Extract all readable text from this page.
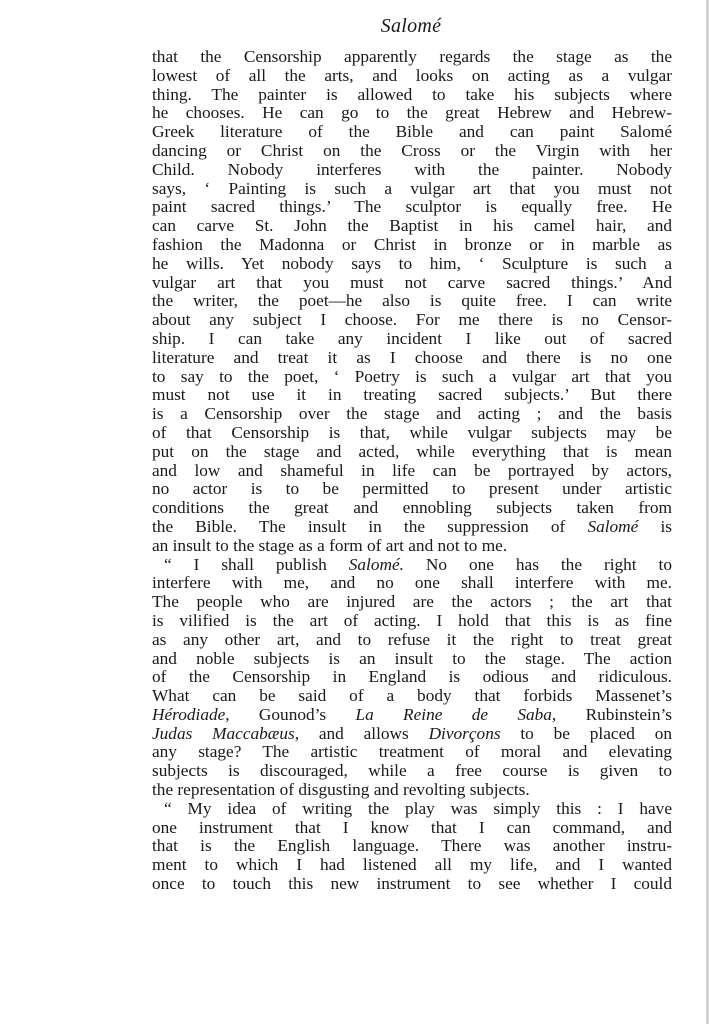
Salomé
that the Censorship apparently regards the stage as the
lowest of all the arts, and looks on acting as a vulgar
thing. The painter is allowed to take his subjects where
he chooses. He can go to the great Hebrew and Hebrew-
Greek literature of the Bible and can paint Salomé
dancing or Christ on the Cross or the Virgin with her
Child. Nobody interferes with the painter. Nobody
says, ‘ Painting is such a vulgar art that you must not
paint sacred things.’ The sculptor is equally free. He
can carve St. John the Baptist in his camel hair, and
fashion the Madonna or Christ in bronze or in marble as
he wills. Yet nobody says to him, ‘ Sculpture is such a
vulgar art that you must not carve sacred things.’ And
the writer, the poet—he also is quite free. I can write
about any subject I choose. For me there is no Censor-
ship. I can take any incident I like out of sacred
literature and treat it as I choose and there is no one
to say to the poet, ‘ Poetry is such a vulgar art that you
must not use it in treating sacred subjects.’ But there
is a Censorship over the stage and acting ; and the basis
of that Censorship is that, while vulgar subjects may be
put on the stage and acted, while everything that is mean
and low and shameful in life can be portrayed by actors,
no actor is to be permitted to present under artistic
conditions the great and ennobling subjects taken from
the Bible. The insult in the suppression of Salomé is
an insult to the stage as a form of art and not to me.
“ I shall publish Salomé. No one has the right to
interfere with me, and no one shall interfere with me.
The people who are injured are the actors ; the art that
is vilified is the art of acting. I hold that this is as fine
as any other art, and to refuse it the right to treat great
and noble subjects is an insult to the stage. The action
of the Censorship in England is odious and ridiculous.
What can be said of a body that forbids Massenet’s
Hérodiade, Gounod’s La Reine de Saba, Rubinstein’s
Judas Maccabæus, and allows Divorçons to be placed on
any stage? The artistic treatment of moral and elevating
subjects is discouraged, while a free course is given to
the representation of disgusting and revolting subjects.
“ My idea of writing the play was simply this : I have
one instrument that I know that I can command, and
that is the English language. There was another instru-
ment to which I had listened all my life, and I wanted
once to touch this new instrument to see whether I could
